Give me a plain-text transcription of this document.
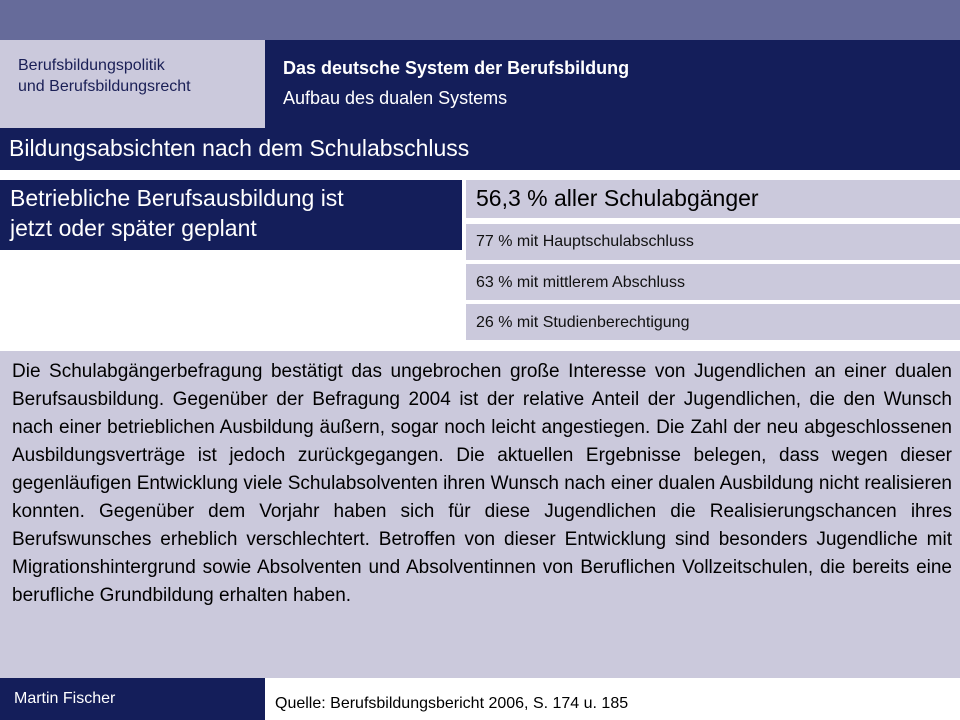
Berufsbildungspolitik
und Berufsbildungsrecht
Das deutsche System der Berufsbildung
Aufbau des dualen Systems
Bildungsabsichten nach dem Schulabschluss
Betriebliche Berufsausbildung ist
jetzt oder später geplant
56,3 % aller Schulabgänger
77 % mit Hauptschulabschluss
63 % mit mittlerem Abschluss
26 % mit Studienberechtigung
Die Schulabgängerbefragung bestätigt das ungebrochen große Interesse von Jugendlichen an einer dualen Berufsausbildung. Gegenüber der Befragung 2004 ist der relative Anteil der Jugendlichen, die den Wunsch nach einer betrieblichen Ausbildung äußern, sogar noch leicht angestiegen. Die Zahl der neu abgeschlossenen Ausbildungsverträge ist jedoch zurückgegangen. Die aktuellen Ergebnisse belegen, dass wegen dieser gegenläufigen Entwicklung viele Schulabsolventen ihren Wunsch nach einer dualen Ausbildung nicht realisieren konnten. Gegenüber dem Vorjahr haben sich für diese Jugendlichen die Realisierungschancen ihres Berufswunsches erheblich verschlechtert. Betroffen von dieser Entwicklung sind besonders Jugendliche mit Migrationshintergrund sowie Absolventen und Absolventinnen von Beruflichen Vollzeitschulen, die bereits eine berufliche Grundbildung erhalten haben.
Martin Fischer	Quelle: Berufsbildungsbericht 2006, S. 174 u. 185
